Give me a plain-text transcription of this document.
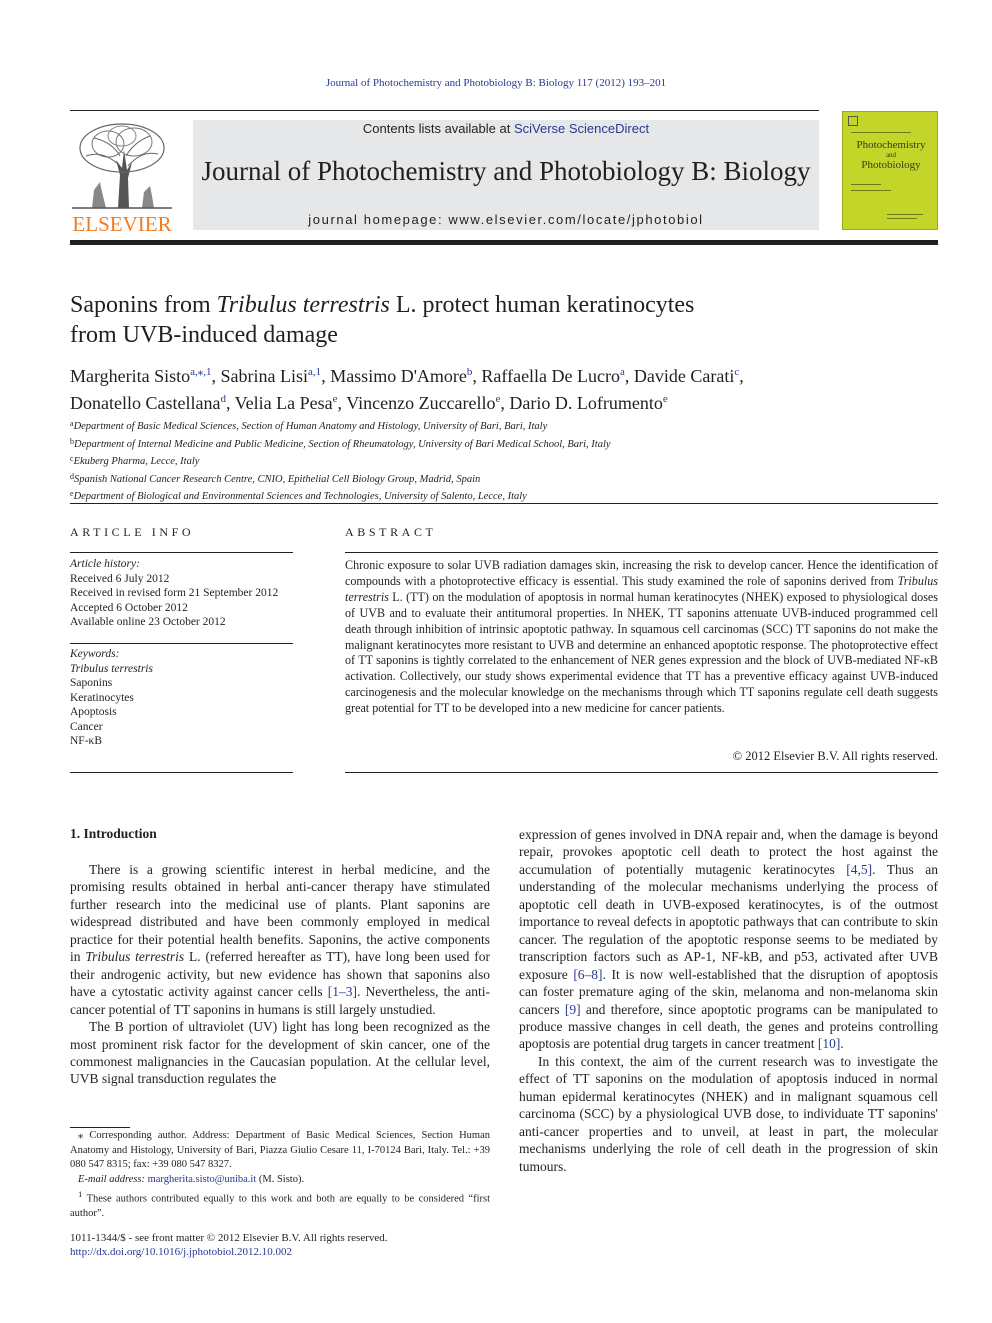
Journal of Photochemistry and Photobiology B: Biology 117 (2012) 193–201
ELSEVIER
Contents lists available at SciVerse ScienceDirect
Journal of Photochemistry and Photobiology B: Biology
journal homepage: www.elsevier.com/locate/jphotobiol
Photochemistry
and
Photobiology
Saponins from Tribulus terrestris L. protect human keratinocytes
from UVB-induced damage
Margherita Sisto$^{a,⁎,1}$, Sabrina Lisi$^{a,1}$, Massimo D'Amore$^b$, Raffaella De Lucro$^a$, Davide Carati$^c$,
Donatello Castellana$^d$, Velia La Pesa$^e$, Vincenzo Zuccarello$^e$, Dario D. Lofrumento$^e$
$^a$Department of Basic Medical Sciences, Section of Human Anatomy and Histology, University of Bari, Bari, Italy
$^b$Department of Internal Medicine and Public Medicine, Section of Rheumatology, University of Bari Medical School, Bari, Italy
$^c$Ekuberg Pharma, Lecce, Italy
$^d$Spanish National Cancer Research Centre, CNIO, Epithelial Cell Biology Group, Madrid, Spain
$^e$Department of Biological and Environmental Sciences and Technologies, University of Salento, Lecce, Italy
ARTICLE INFO	ABSTRACT
Article history:
Received 6 July 2012
Received in revised form 21 September 2012
Accepted 6 October 2012
Available online 23 October 2012
Keywords:
Tribulus terrestris
Saponins
Keratinocytes
Apoptosis
Cancer
NF-κB
Chronic exposure to solar UVB radiation damages skin, increasing the risk to develop cancer. Hence the identification of compounds with a photoprotective efficacy is essential. This study examined the role of saponins derived from Tribulus terrestris L. (TT) on the modulation of apoptosis in normal human keratinocytes (NHEK) exposed to physiological doses of UVB and to evaluate their antitumoral properties. In NHEK, TT saponins attenuate UVB-induced programmed cell death through inhibition of intrinsic apoptotic pathway. In squamous cell carcinomas (SCC) TT saponins do not make the malignant keratinocytes more resistant to UVB and determine an enhanced apoptotic response. The photoprotective effect of TT saponins is tightly correlated to the enhancement of NER genes expression and the block of UVB-mediated NF-κB activation. Collectively, our study shows experimental evidence that TT has a preventive efficacy against UVB-induced carcinogenesis and the molecular knowledge on the mechanisms through which TT saponins regulate cell death suggests great potential for TT to be developed into a new medicine for cancer patients.
© 2012 Elsevier B.V. All rights reserved.
1. Introduction

There is a growing scientific interest in herbal medicine, and the promising results obtained in herbal anti-cancer therapy have stimulated further research into the medicinal use of plants. Plant saponins are widespread distributed and have been commonly employed in medical practice for their potential health benefits. Saponins, the active components in Tribulus terrestris L. (referred hereafter as TT), have long been used for their androgenic activity, but new evidence has shown that saponins also have a cytostatic activity against cancer cells [1–3]. Nevertheless, the anti-cancer potential of TT saponins in humans is still largely unstudied.

The B portion of ultraviolet (UV) light has long been recognized as the most prominent risk factor for the development of skin cancer, one of the commonest malignancies in the Caucasian population. At the cellular level, UVB signal transduction regulates the

expression of genes involved in DNA repair and, when the damage is beyond repair, provokes apoptotic cell death to protect the host against the accumulation of potentially mutagenic keratinocytes [4,5]. Thus an understanding of the molecular mechanisms underlying the process of apoptotic cell death in UVB-exposed keratinocytes, is of the outmost importance to reveal defects in apoptotic pathways that can contribute to skin cancer. The regulation of the apoptotic response seems to be mediated by transcription factors such as AP-1, NF-kB, and p53, activated after UVB exposure [6–8]. It is now well-established that the disruption of apoptosis can foster premature aging of the skin, melanoma and non-melanoma skin cancers [9] and therefore, since apoptotic programs can be manipulated to produce massive changes in cell death, the genes and proteins controlling apoptosis are potential drug targets in cancer treatment [10].

In this context, the aim of the current research was to investigate the effect of TT saponins on the modulation of apoptosis induced in normal human epidermal keratinocytes (NHEK) and in malignant squamous cell carcinoma (SCC) by a physiological UVB dose, to individuate TT saponins' anti-cancer properties and to unveil, at least in part, the molecular mechanisms underlying the role of cell death in the progression of skin tumours.

⁎ Corresponding author. Address: Department of Basic Medical Sciences, Section Human Anatomy and Histology, University of Bari, Piazza Giulio Cesare 11, I-70124 Bari, Italy. Tel.: +39 080 547 8315; fax: +39 080 547 8327.

E-mail address: margherita.sisto@uniba.it (M. Sisto).

$^1$ These authors contributed equally to this work and both are equally to be considered “first author”.

1011-1344/$ - see front matter © 2012 Elsevier B.V. All rights reserved.
http://dx.doi.org/10.1016/j.jphotobiol.2012.10.002
